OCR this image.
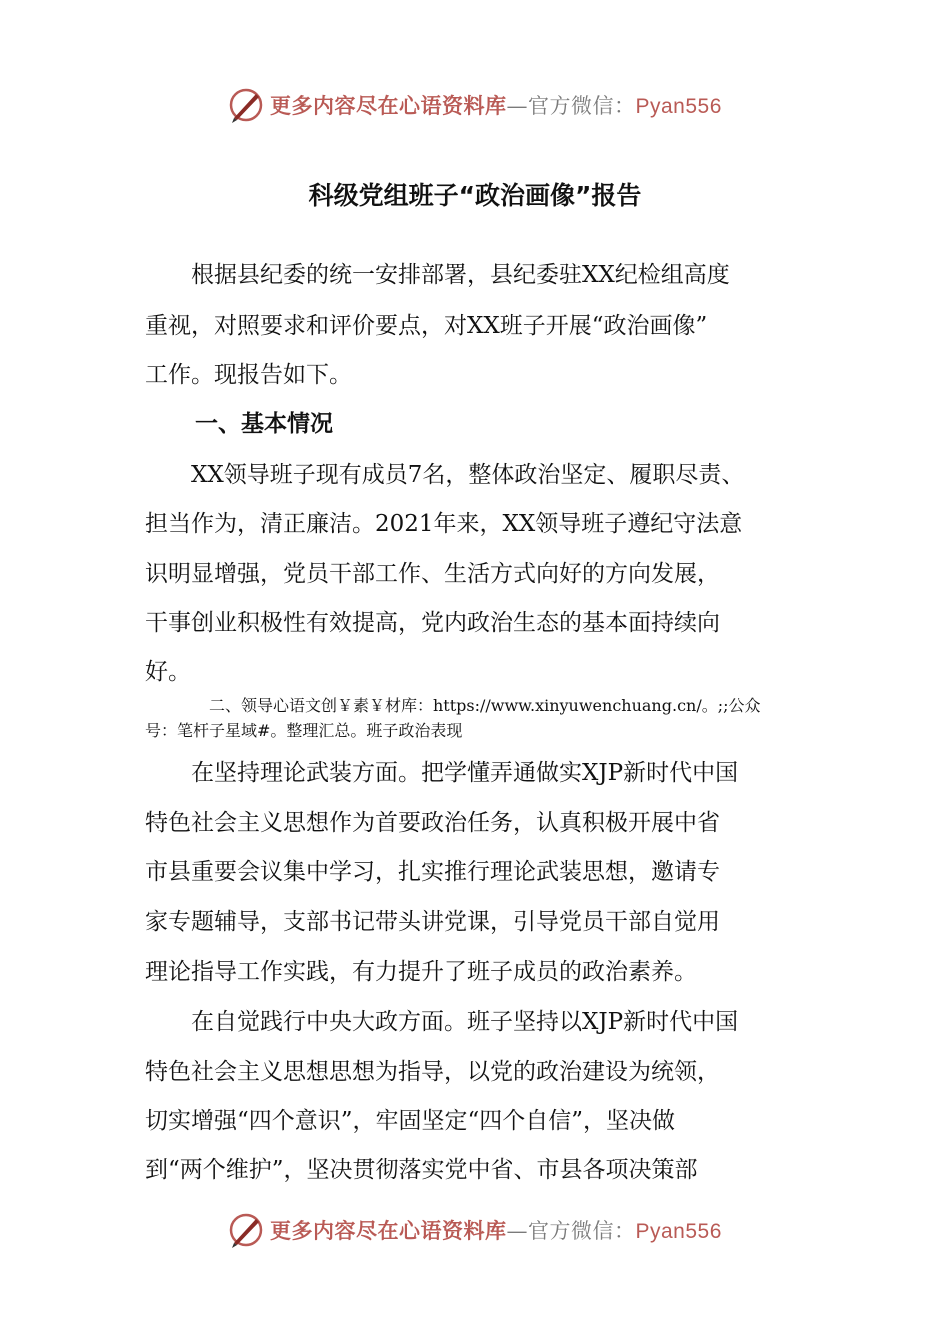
更多内容尽在心语资料库—官方微信：Pyan556
科级党组班子“政治画像”报告
　　根据县纪委的统一安排部署，县纪委驻XX纪检组高度
重视，对照要求和评价要点，对XX班子开展“政治画像”
工作。现报告如下。
一、基本情况
　　XX领导班子现有成员7名，整体政治坚定、履职尽责、
担当作为，清正廉洁。2021年来，XX领导班子遵纪守法意
识明显增强，党员干部工作、生活方式向好的方向发展，
干事创业积极性有效提高，党内政治生态的基本面持续向
好。
　　　　二、领导心语文创￥素￥材库：https://www.xinyuwenchuang.cn/。;;公众
号：笔杆子星域#。整理汇总。班子政治表现
　　在坚持理论武装方面。把学懂弄通做实XJP新时代中国
特色社会主义思想作为首要政治任务，认真积极开展中省
市县重要会议集中学习，扎实推行理论武装思想，邀请专
家专题辅导，支部书记带头讲党课，引导党员干部自觉用
理论指导工作实践，有力提升了班子成员的政治素养。
　　在自觉践行中央大政方面。班子坚持以XJP新时代中国
特色社会主义思想思想为指导，以党的政治建设为统领，
切实增强“四个意识”，牢固坚定“四个自信”，坚决做
到“两个维护”，坚决贯彻落实党中省、市县各项决策部
更多内容尽在心语资料库—官方微信：Pyan556
